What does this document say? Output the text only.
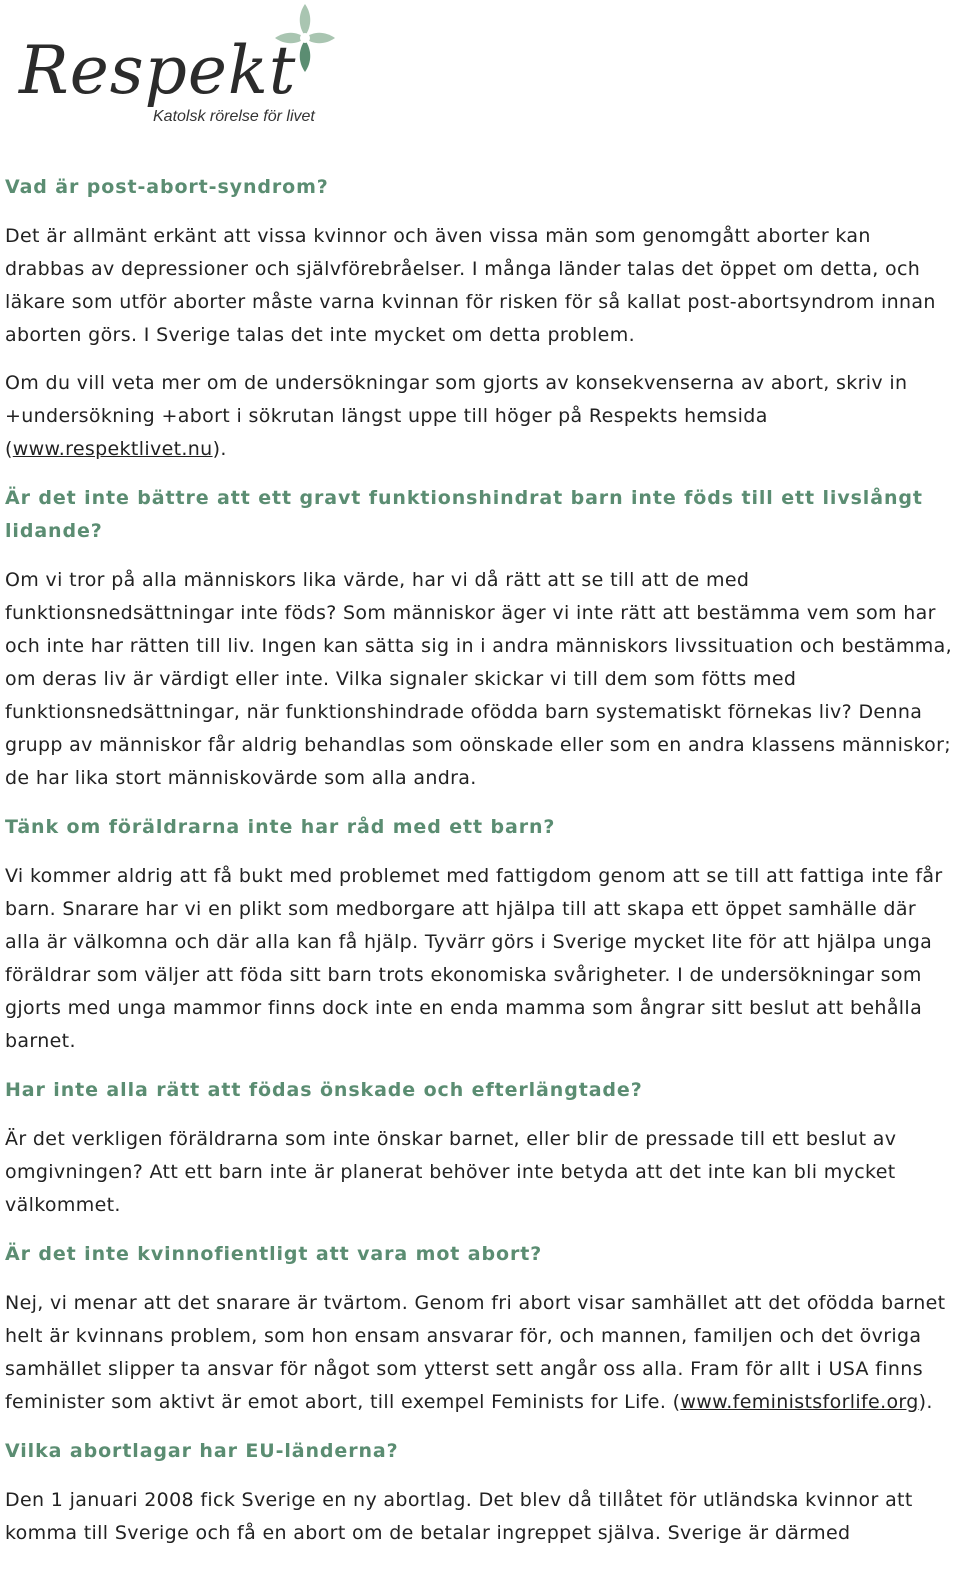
Respekt
Katolsk rörelse för livet
Vad är post-abort-syndrom?

Det är allmänt erkänt att vissa kvinnor och även vissa män som genomgått aborter kan drabbas av depressioner och självförebråelser. I många länder talas det öppet om detta, och läkare som utför aborter måste varna kvinnan för risken för så kallat post-abortsyndrom innan aborten görs. I Sverige talas det inte mycket om detta problem.

Om du vill veta mer om de undersökningar som gjorts av konsekvenserna av abort, skriv in +undersökning +abort i sökrutan längst uppe till höger på Respekts hemsida (www.respektlivet.nu).

Är det inte bättre att ett gravt funktionshindrat barn inte föds till ett livslångt lidande?

Om vi tror på alla människors lika värde, har vi då rätt att se till att de med funktionsnedsättningar inte föds? Som människor äger vi inte rätt att bestämma vem som har och inte har rätten till liv. Ingen kan sätta sig in i andra människors livssituation och bestämma, om deras liv är värdigt eller inte. Vilka signaler skickar vi till dem som fötts med funktionsnedsättningar, när funktionshindrade ofödda barn systematiskt förnekas liv? Denna grupp av människor får aldrig behandlas som oönskade eller som en andra klassens människor; de har lika stort människovärde som alla andra.

Tänk om föräldrarna inte har råd med ett barn?

Vi kommer aldrig att få bukt med problemet med fattigdom genom att se till att fattiga inte får barn. Snarare har vi en plikt som medborgare att hjälpa till att skapa ett öppet samhälle där alla är välkomna och där alla kan få hjälp. Tyvärr görs i Sverige mycket lite för att hjälpa unga föräldrar som väljer att föda sitt barn trots ekonomiska svårigheter. I de undersökningar som gjorts med unga mammor finns dock inte en enda mamma som ångrar sitt beslut att behålla barnet.

Har inte alla rätt att födas önskade och efterlängtade?

Är det verkligen föräldrarna som inte önskar barnet, eller blir de pressade till ett beslut av omgivningen? Att ett barn inte är planerat behöver inte betyda att det inte kan bli mycket välkommet.

Är det inte kvinnofientligt att vara mot abort?

Nej, vi menar att det snarare är tvärtom. Genom fri abort visar samhället att det ofödda barnet helt är kvinnans problem, som hon ensam ansvarar för, och mannen, familjen och det övriga samhället slipper ta ansvar för något som ytterst sett angår oss alla. Fram för allt i USA finns feminister som aktivt är emot abort, till exempel Feminists for Life. (www.feministsforlife.org).

Vilka abortlagar har EU-länderna?

Den 1 januari 2008 fick Sverige en ny abortlag. Det blev då tillåtet för utländska kvinnor att komma till Sverige och få en abort om de betalar ingreppet själva. Sverige är därmed
